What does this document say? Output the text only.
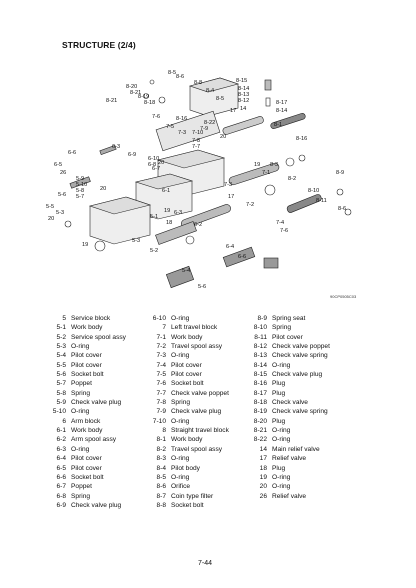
STRUCTURE (2/4)
8-5
8-6
8-20
8-21
8-19
8-18
8-8
8-4
8-5
8-15
8-14
8-13
8-12
14
8-17
8-14
8-1
8-16
7-6	8-16
8-22
7-5	7-9
7-3 7-10
7-8
20
7-7
7-1
19 8-3
8-9
8-2
8-10
8-11
8-6
6-3
6-6
6-5
26
5-9
5-10
5-8	20
5-7
6-9
6-10
6-8 20
6-7
6-1
7-3
17
7-2
7-4
7-6
5-6
5-5
5-3
20
19
5-3
5-1
19 6-3
18	6-2
6-4
6-6
5-2
5-4
5-6
8-21
17
90CP0505C03
5 Service block
5-1 Work body
5-2 Service spool assy
5-3 O-ring
5-4 Pilot cover
5-5 Pilot cover
5-6 Socket bolt
5-7 Poppet
5-8 Spring
5-9 Check valve plug
5-10 O-ring
6 Arm block
6-1 Work body
6-2 Arm spool assy
6-3 O-ring
6-4 Pilot cover
6-5 Pilot cover
6-6 Socket bolt
6-7 Poppet
6-8 Spring
6-9 Check valve plug
6-10 O-ring
7 Left travel block
7-1 Work body
7-2 Travel spool assy
7-3 O-ring
7-4 Pilot cover
7-5 Pilot cover
7-6 Socket bolt
7-7 Check valve poppet
7-8 Spring
7-9 Check valve plug
7-10 O-ring
8 Straight travel block
8-1 Work body
8-2 Travel spool assy
8-3 O-ring
8-4 Pilot body
8-5 O-ring
8-6 Orifice
8-7 Coin type filter
8-8 Socket bolt
8-9 Spring seat
8-10 Spring
8-11 Pilot cover
8-12 Check valve poppet
8-13 Check valve spring
8-14 O-ring
8-15 Check valve plug
8-16 Plug
8-17 Plug
8-18 Check valve
8-19 Check valve spring
8-20 Plug
8-21 O-ring
8-22 O-ring
14 Main relief valve
17 Relief valve
18 Plug
19 O-ring
20 O-ring
26 Relief valve
7-44
